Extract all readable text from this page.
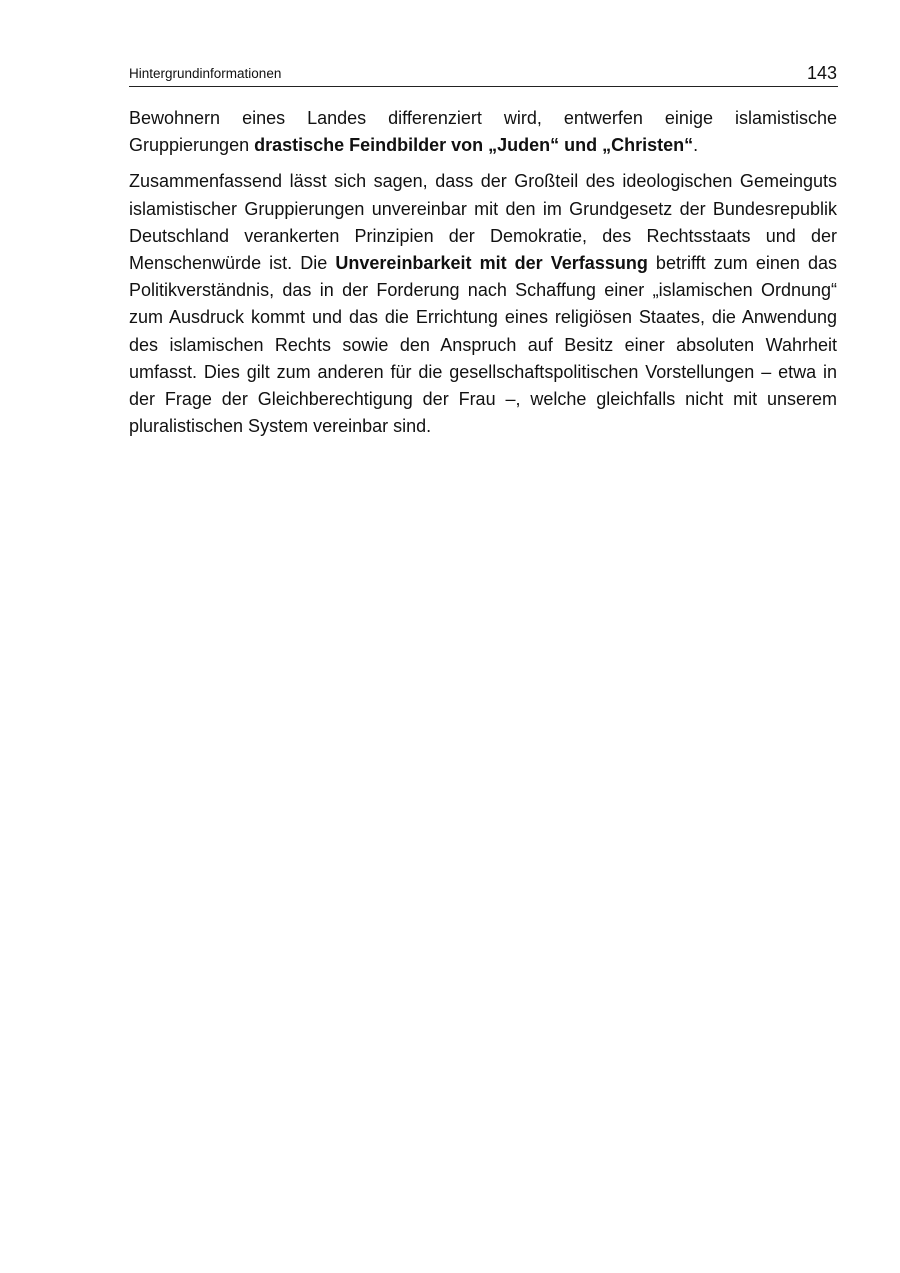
Hintergrundinformationen	143

Bewohnern eines Landes differenziert wird, entwerfen einige islamistische Gruppierungen drastische Feindbilder von „Juden“ und „Christen“.

Zusammenfassend lässt sich sagen, dass der Großteil des ideologischen Gemeinguts islamistischer Gruppierungen unvereinbar mit den im Grundgesetz der Bundesrepublik Deutschland verankerten Prinzipien der Demokratie, des Rechtsstaats und der Menschenwürde ist. Die Unvereinbarkeit mit der Verfassung betrifft zum einen das Politikverständnis, das in der Forderung nach Schaffung einer „islamischen Ordnung“ zum Ausdruck kommt und das die Errichtung eines religiösen Staates, die Anwendung des islamischen Rechts sowie den Anspruch auf Besitz einer absoluten Wahrheit umfasst. Dies gilt zum anderen für die gesellschaftspolitischen Vorstellungen – etwa in der Frage der Gleichberechtigung der Frau –, welche gleichfalls nicht mit unserem pluralistischen System vereinbar sind.
